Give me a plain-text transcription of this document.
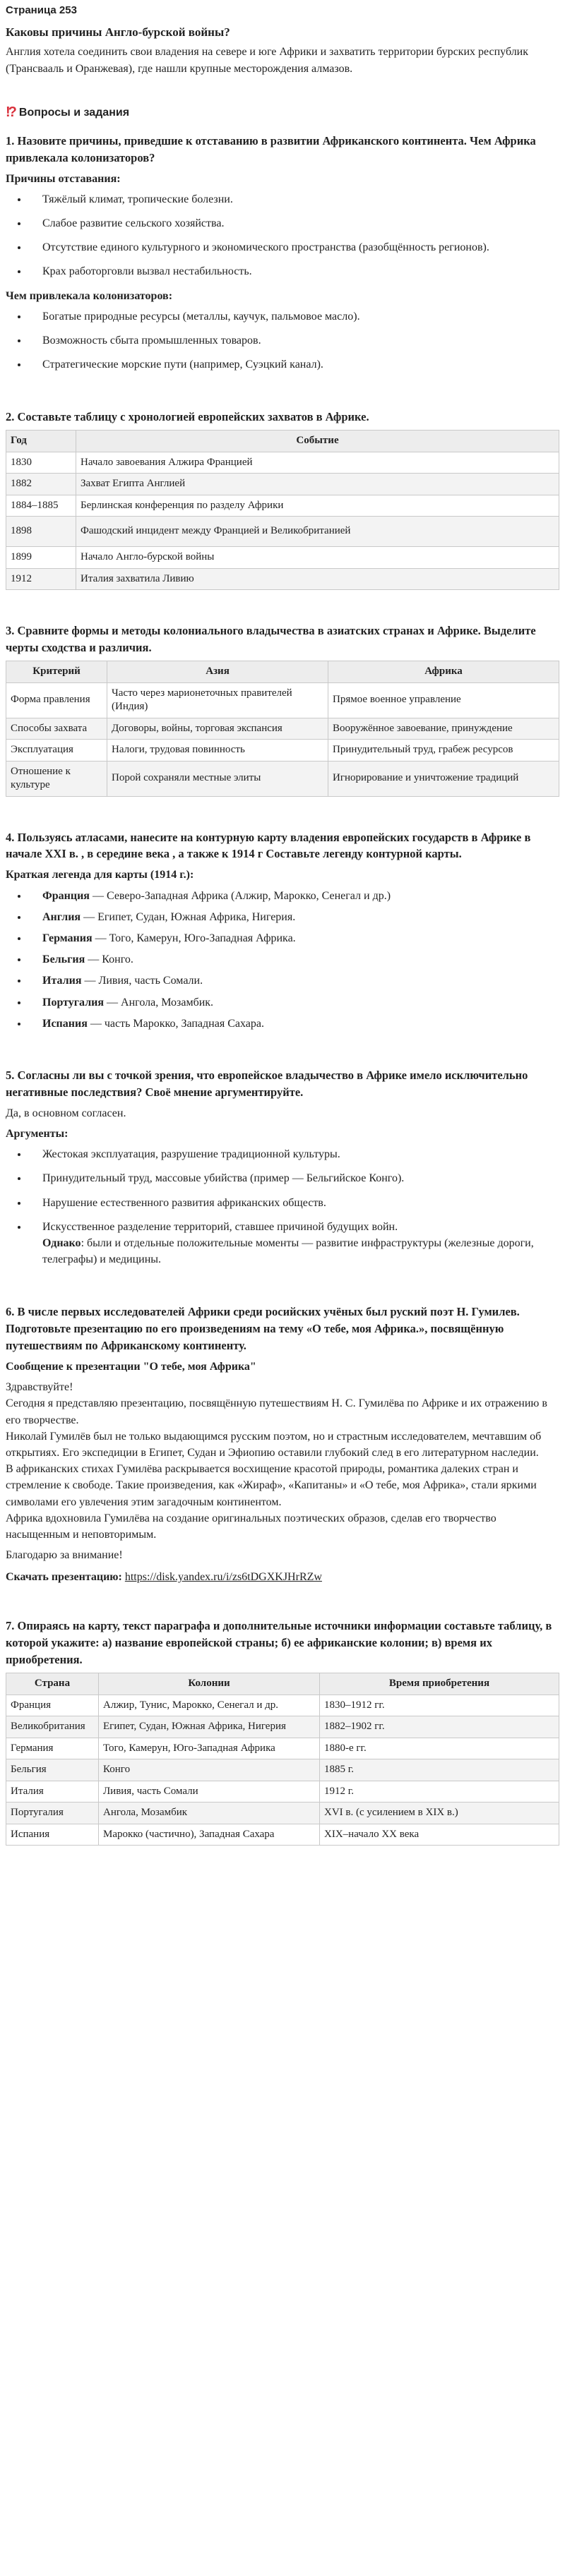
Страница 253
Каковы причины Англо-бурской войны?

Англия хотела соединить свои владения на севере и юге Африки и захватить территории бурских республик (Трансвааль и Оранжевая), где нашли крупные месторождения алмазов.

!? Вопросы и задания
1. Назовите причины, приведшие к отставанию в развитии Африканского континента. Чем Африка привлекала колонизаторов?
Причины отставания:
• Тяжёлый климат, тропические болезни.
• Слабое развитие сельского хозяйства.
• Отсутствие единого культурного и экономического пространства (разобщённость регионов).
• Крах работорговли вызвал нестабильность.
Чем привлекала колонизаторов:
• Богатые природные ресурсы (металлы, каучук, пальмовое масло).
• Возможность сбыта промышленных товаров.
• Стратегические морские пути (например, Суэцкий канал).
2. Составьте таблицу с хронологией европейских захватов в Африке.
Год	Событие
1830	Начало завоевания Алжира Францией
1882	Захват Египта Англией
1884–1885	Берлинская конференция по разделу Африки
1898	Фашодский инцидент между Францией и Великобританией
1899	Начало Англо-бурской войны
1912	Италия захватила Ливию
3. Сравните формы и методы колониального владычества в азиатских странах и Африке. Выделите черты сходства и различия.
Критерий	Азия	Африка
Форма правления	Часто через марионеточных правителей (Индия)	Прямое военное управление
Способы захвата	Договоры, войны, торговая экспансия	Вооружённое завоевание, принуждение
Эксплуатация	Налоги, трудовая повинность	Принудительный труд, грабеж ресурсов
Отношение к культуре	Порой сохраняли местные элиты	Игнорирование и уничтожение традиций
4. Пользуясь атласами, нанесите на контурную карту владения европейских государств в Африке в начале XXI в. , в середине века , а также к 1914 г Составьте легенду контурной карты.
Краткая легенда для карты (1914 г.):
• Франция — Северо-Западная Африка (Алжир, Марокко, Сенегал и др.)
• Англия — Египет, Судан, Южная Африка, Нигерия.
• Германия — Того, Камерун, Юго-Западная Африка.
• Бельгия — Конго.
• Италия — Ливия, часть Сомали.
• Португалия — Ангола, Мозамбик.
• Испания — часть Марокко, Западная Сахара.
5. Согласны ли вы с точкой зрения, что европейское владычество в Африке имело исключительно негативные последствия? Своё мнение аргументируйте.

Да, в основном согласен.

Аргументы:
• Жестокая эксплуатация, разрушение традиционной культуры.
• Принудительный труд, массовые убийства (пример — Бельгийское Конго).
• Нарушение естественного развития африканских обществ.
• Искусственное разделение территорий, ставшее причиной будущих войн.
Однако: были и отдельные положительные моменты — развитие инфраструктуры (железные дороги, телеграфы) и медицины.
6. В числе первых исследователей Африки среди росийских учёных был руский поэт Н. Гумилев. Подготовьте презентацию по его произведениям на тему «О тебе, моя Африка.», посвящённую путешествиям по Африканскому континенту.
Сообщение к презентации "О тебе, моя Африка"
Здравствуйте!
Сегодня я представляю презентацию, посвящённую путешествиям Н. С. Гумилёва по Африке и их отражению в его творчестве.
Николай Гумилёв был не только выдающимся русским поэтом, но и страстным исследователем, мечтавшим об открытиях. Его экспедиции в Египет, Судан и Эфиопию оставили глубокий след в его литературном наследии.
В африканских стихах Гумилёва раскрывается восхищение красотой природы, романтика далеких стран и стремление к свободе. Такие произведения, как «Жираф», «Капитаны» и «О тебе, моя Африка», стали яркими символами его увлечения этим загадочным континентом.
Африка вдохновила Гумилёва на создание оригинальных поэтических образов, сделав его творчество насыщенным и неповторимым.
Благодарю за внимание!

Скачать презентацию: https://disk.yandex.ru/i/zs6tDGXKJHrRZw

7. Опираясь на карту, текст параграфа и дополнительные источники информации составьте таблицу, в которой укажите: а) название европейской страны; б) ее африканские колонии; в) время их приобретения.
Страна	Колонии	Время приобретения
Франция	Алжир, Тунис, Марокко, Сенегал и др.	1830–1912 гг.
Великобритания	Египет, Судан, Южная Африка, Нигерия	1882–1902 гг.
Германия	Того, Камерун, Юго-Западная Африка	1880-е гг.
Бельгия	Конго	1885 г.
Италия	Ливия, часть Сомали	1912 г.
Португалия	Ангола, Мозамбик	XVI в. (с усилением в XIX в.)
Испания	Марокко (частично), Западная Сахара	XIX–начало XX века
